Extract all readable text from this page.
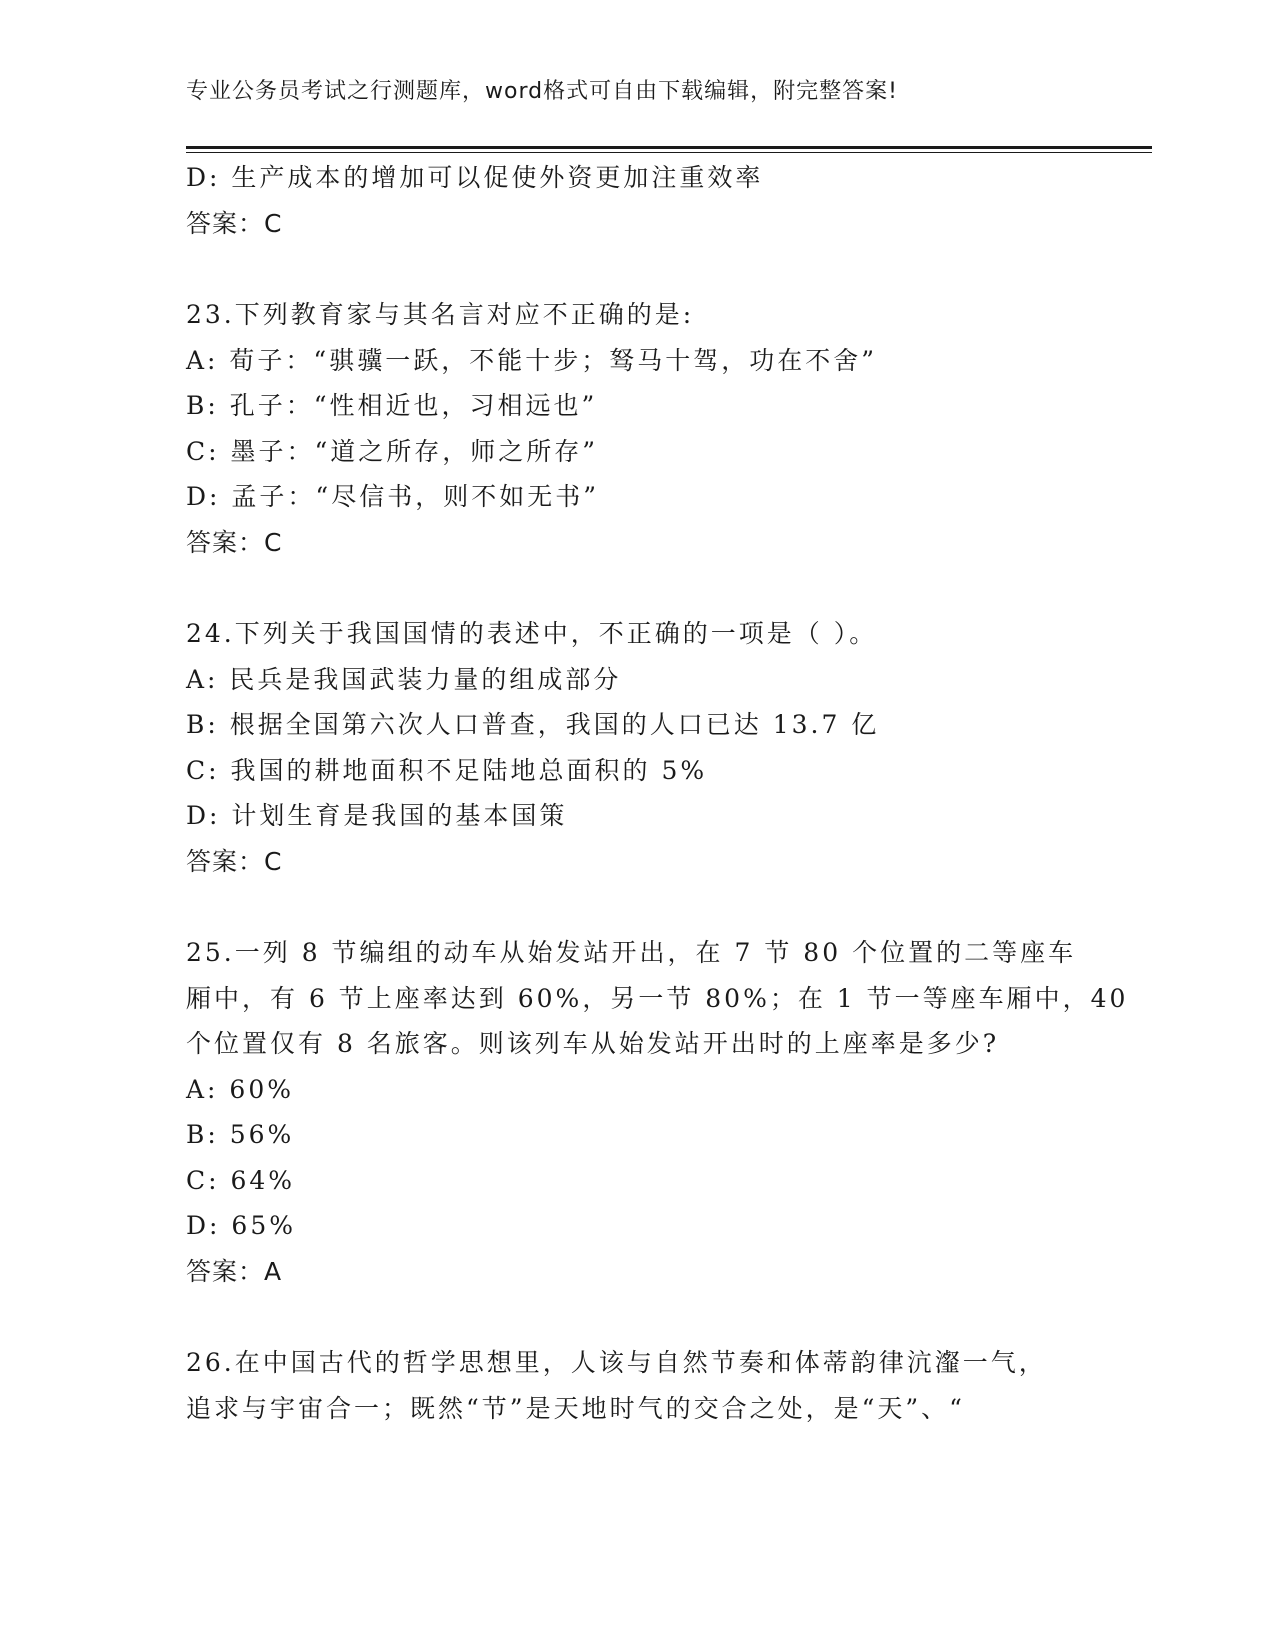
专业公务员考试之行测题库，word格式可自由下载编辑，附完整答案!
D: 生产成本的增加可以促使外资更加注重效率
答案：C
23.下列教育家与其名言对应不正确的是:
A: 荀子：“骐骥一跃，不能十步；驽马十驾，功在不舍”
B: 孔子：“性相近也，习相远也”
C: 墨子：“道之所存，师之所存”
D: 孟子：“尽信书，则不如无书”
答案：C
24.下列关于我国国情的表述中，不正确的一项是（ ）。
A: 民兵是我国武装力量的组成部分
B: 根据全国第六次人口普查，我国的人口已达 13.7 亿
C: 我国的耕地面积不足陆地总面积的 5%
D: 计划生育是我国的基本国策
答案：C
25.一列 8 节编组的动车从始发站开出，在 7 节 80 个位置的二等座车
厢中，有 6 节上座率达到 60%，另一节 80%；在 1 节一等座车厢中，40
个位置仅有 8 名旅客。则该列车从始发站开出时的上座率是多少?
A: 60%
B: 56%
C: 64%
D: 65%
答案：A
26.在中国古代的哲学思想里，人该与自然节奏和体蒂韵律沆瀣一气，
追求与宇宙合一；既然“节”是天地时气的交合之处，是“天”、“
